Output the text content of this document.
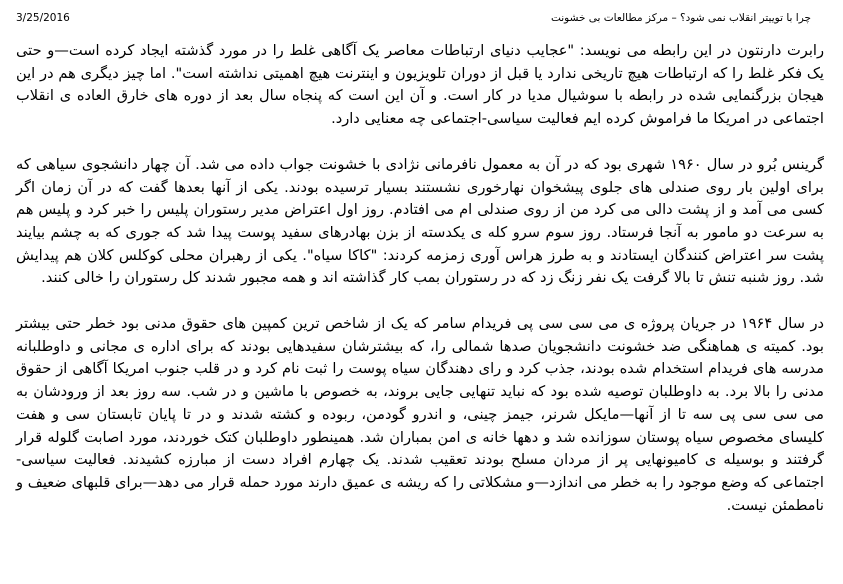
3/25/2016	چرا با توییتر انقلاب نمی شود؟ – مرکز مطالعات بی خشونت

رابرت دارنتون در این رابطه می نویسد: "عجایب دنیای ارتباطات معاصر یک آگاهی غلط را در مورد گذشته ایجاد کرده است—و حتی یک فکر غلط را که ارتباطات هیچ تاریخی ندارد یا قبل از دوران تلویزیون و اینترنت هیچ اهمیتی نداشته است". اما چیز دیگری هم در این هیجان بزرگنمایی شده در رابطه با سوشیال مدیا در کار است. و آن این است که پنجاه سال بعد از دوره های خارق العاده ی انقلاب اجتماعی در امریکا ما فراموش کرده ایم فعالیت سیاسی-اجتماعی چه معنایی دارد.

گرینس بُرو در سال ۱۹۶۰ شهری بود که در آن به معمول نافرمانی نژادی با خشونت جواب داده می شد. آن چهار دانشجوی سیاهی که برای اولین بار روی صندلی های جلوی پیشخوان نهارخوری نشستند بسیار ترسیده بودند. یکی از آنها بعدها گفت که در آن زمان اگر کسی می آمد و از پشت دالی می کرد من از روی صندلی ام می افتادم. روز اول اعتراض مدیر رستوران پلیس را خبر کرد و پلیس هم به سرعت دو مامور به آنجا فرستاد. روز سوم سرو کله ی یکدسته از بزن بهادرهای سفید پوست پیدا شد که جوری که به چشم بیایند پشت سر اعتراض کنندگان ایستادند و به طرز هراس آوری زمزمه کردند: "کاکا سیاه". یکی از رهبران محلی کوکلس کلان هم پیدایش شد. روز شنبه تنش تا بالا گرفت یک نفر زنگ زد که در رستوران بمب کار گذاشته اند و همه مجبور شدند کل رستوران را خالی کنند.

در سال ۱۹۶۴ در جریان پروژه ی می سی سی پی فریدام سامر که یک از شاخص ترین کمپین های حقوق مدنی بود خطر حتی بیشتر بود. کمیته ی هماهنگی ضد خشونت دانشجویان صدها شمالی را، که بیشترشان سفیدهایی بودند که برای اداره ی مجانی و داوطلبانه مدرسه های فریدام استخدام شده بودند، جذب کرد و رای دهندگان سیاه پوست را ثبت نام کرد و در قلب جنوب امریکا آگاهی از حقوق مدنی را بالا برد. به داوطلبان توصیه شده بود که نباید تنهایی جایی بروند، به خصوص با ماشین و در شب. سه روز بعد از ورودشان به می سی سی پی سه تا از آنها—مایکل شرنر، جیمز چینی، و اندرو گودمن، ربوده و کشته شدند و در تا پایان تابستان سی و هفت کلیسای مخصوص سیاه پوستان سوزانده شد و دهها خانه ی امن بمباران شد. همینطور داوطلبان کتک خوردند، مورد اصابت گلوله قرار گرفتند و بوسیله ی کامیونهایی پر از مردان مسلح بودند تعقیب شدند. یک چهارم افراد دست از مبارزه کشیدند. فعالیت سیاسی-اجتماعی که وضع موجود را به خطر می اندازد—و مشکلاتی را که ریشه ی عمیق دارند مورد حمله قرار می دهد—برای قلبهای ضعیف و نامطمئن نیست.
